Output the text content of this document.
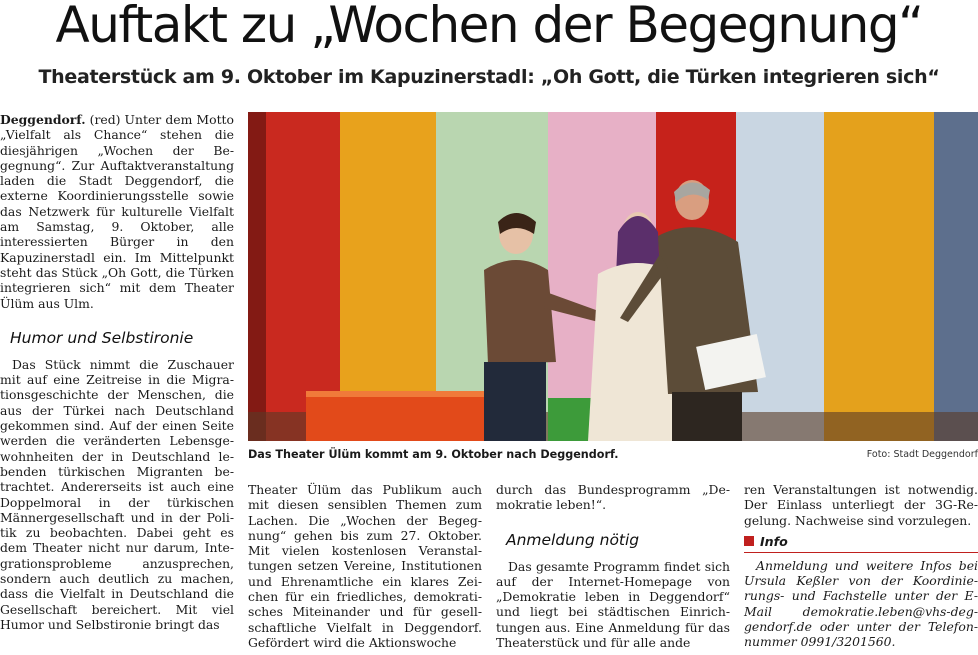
Auftakt zu „Wochen der Begegnung“
Theaterstück am 9. Oktober im Kapuzinerstadl: „Oh Gott, die Türken integrieren sich“

Deggendorf. (red) Unter dem Motto „Vielfalt als Chance“ stehen die diesjährigen „Wochen der Begegnung“. Zur Auftaktveranstaltung laden die Stadt Deggendorf, die externe Koordinierungsstelle sowie das Netzwerk für kulturelle Vielfalt am Samstag, 9. Oktober, alle interessierten Bürger in den Kapuzinerstadl ein. Im Mittelpunkt steht das Stück „Oh Gott, die Türken integrieren sich“ mit dem Theater Ülüm aus Ulm.

Humor und Selbstironie

Das Stück nimmt die Zuschauer mit auf eine Zeitreise in die Migrationsgeschichte der Menschen, die aus der Türkei nach Deutschland gekommen sind. Auf der einen Seite werden die veränderten Lebensgewohnheiten der in Deutschland lebenden türkischen Migranten betrachtet. Andererseits ist auch eine Doppelmoral in der türkischen Männergesellschaft und in der Politik zu beobachten. Dabei geht es dem Theater nicht nur darum, Integrationsprobleme anzusprechen, sondern auch deutlich zu machen, dass die Vielfalt in Deutschland die Gesellschaft bereichert. Mit viel Humor und Selbstironie bringt das

Das Theater Ülüm kommt am 9. Oktober nach Deggendorf.	Foto: Stadt Deggendorf

Theater Ülüm das Publikum auch mit diesen sensiblen Themen zum Lachen. Die „Wochen der Begegnung“ gehen bis zum 27. Oktober. Mit vielen kostenlosen Veranstaltungen setzen Vereine, Institutionen und Ehrenamtliche ein klares Zeichen für ein friedliches, demokratisches Miteinander und für gesellschaftliche Vielfalt in Deggendorf. Gefördert wird die Aktionswoche

durch das Bundesprogramm „Demokratie leben!“.

Anmeldung nötig

Das gesamte Programm findet sich auf der Internet-Homepage von „Demokratie leben in Deggendorf“ und liegt bei städtischen Einrichtungen aus. Eine Anmeldung für das Theaterstück und für alle ande

ren Veranstaltungen ist notwendig. Der Einlass unterliegt der 3G-Regelung. Nachweise sind vorzulegen.

Info

Anmeldung und weitere Infos bei Ursula Keßler von der Koordinierungs- und Fachstelle unter der E-Mail demokratie.leben@vhs-deggendorf.de oder unter der Telefonnummer 0991/3201560.
